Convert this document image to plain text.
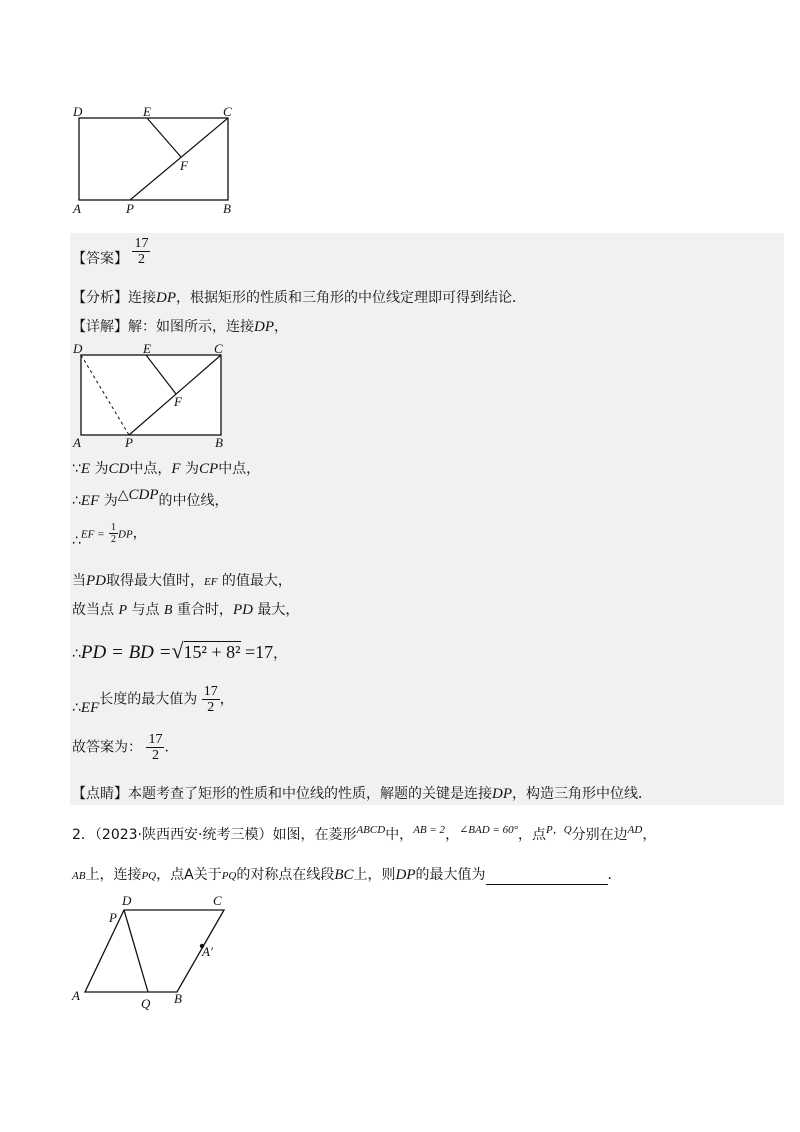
D	E	C
F
A	P	B
【答案】 $\frac{17}{2}$
【分析】连接DP，根据矩形的性质和三角形的中位线定理即可得到结论．
【详解】解：如图所示，连接DP，
D	E	C
F
A	P	B
∵E 为CD中点，F 为CP中点，
∴EF 为△CDP的中位线，
∴EF = $\frac{1}{2}$ DP，
当PD取得最大值时，EF 的值最大，
故当点 P 与点 B 重合时，PD 最大，
∴PD = BD =√15² + 8² =17，
∴EF长度的最大值为 $\frac{17}{2}$ ，
故答案为： $\frac{17}{2}$ ．
【点睛】本题考查了矩形的性质和中位线的性质，解题的关键是连接DP，构造三角形中位线．
2．（2023·陕西西安·统考三模）如图，在菱形$^{ABCD}$中，$^{AB = 2}$，$^{\angle BAD = 60^\circ}$，点$^{P,Q}$分别在边$^{AD}$，
AB上，连接PQ，点A关于PQ的对称点在线段BC上，则DP的最大值为	．
P
D	C
A′
A
Q B
